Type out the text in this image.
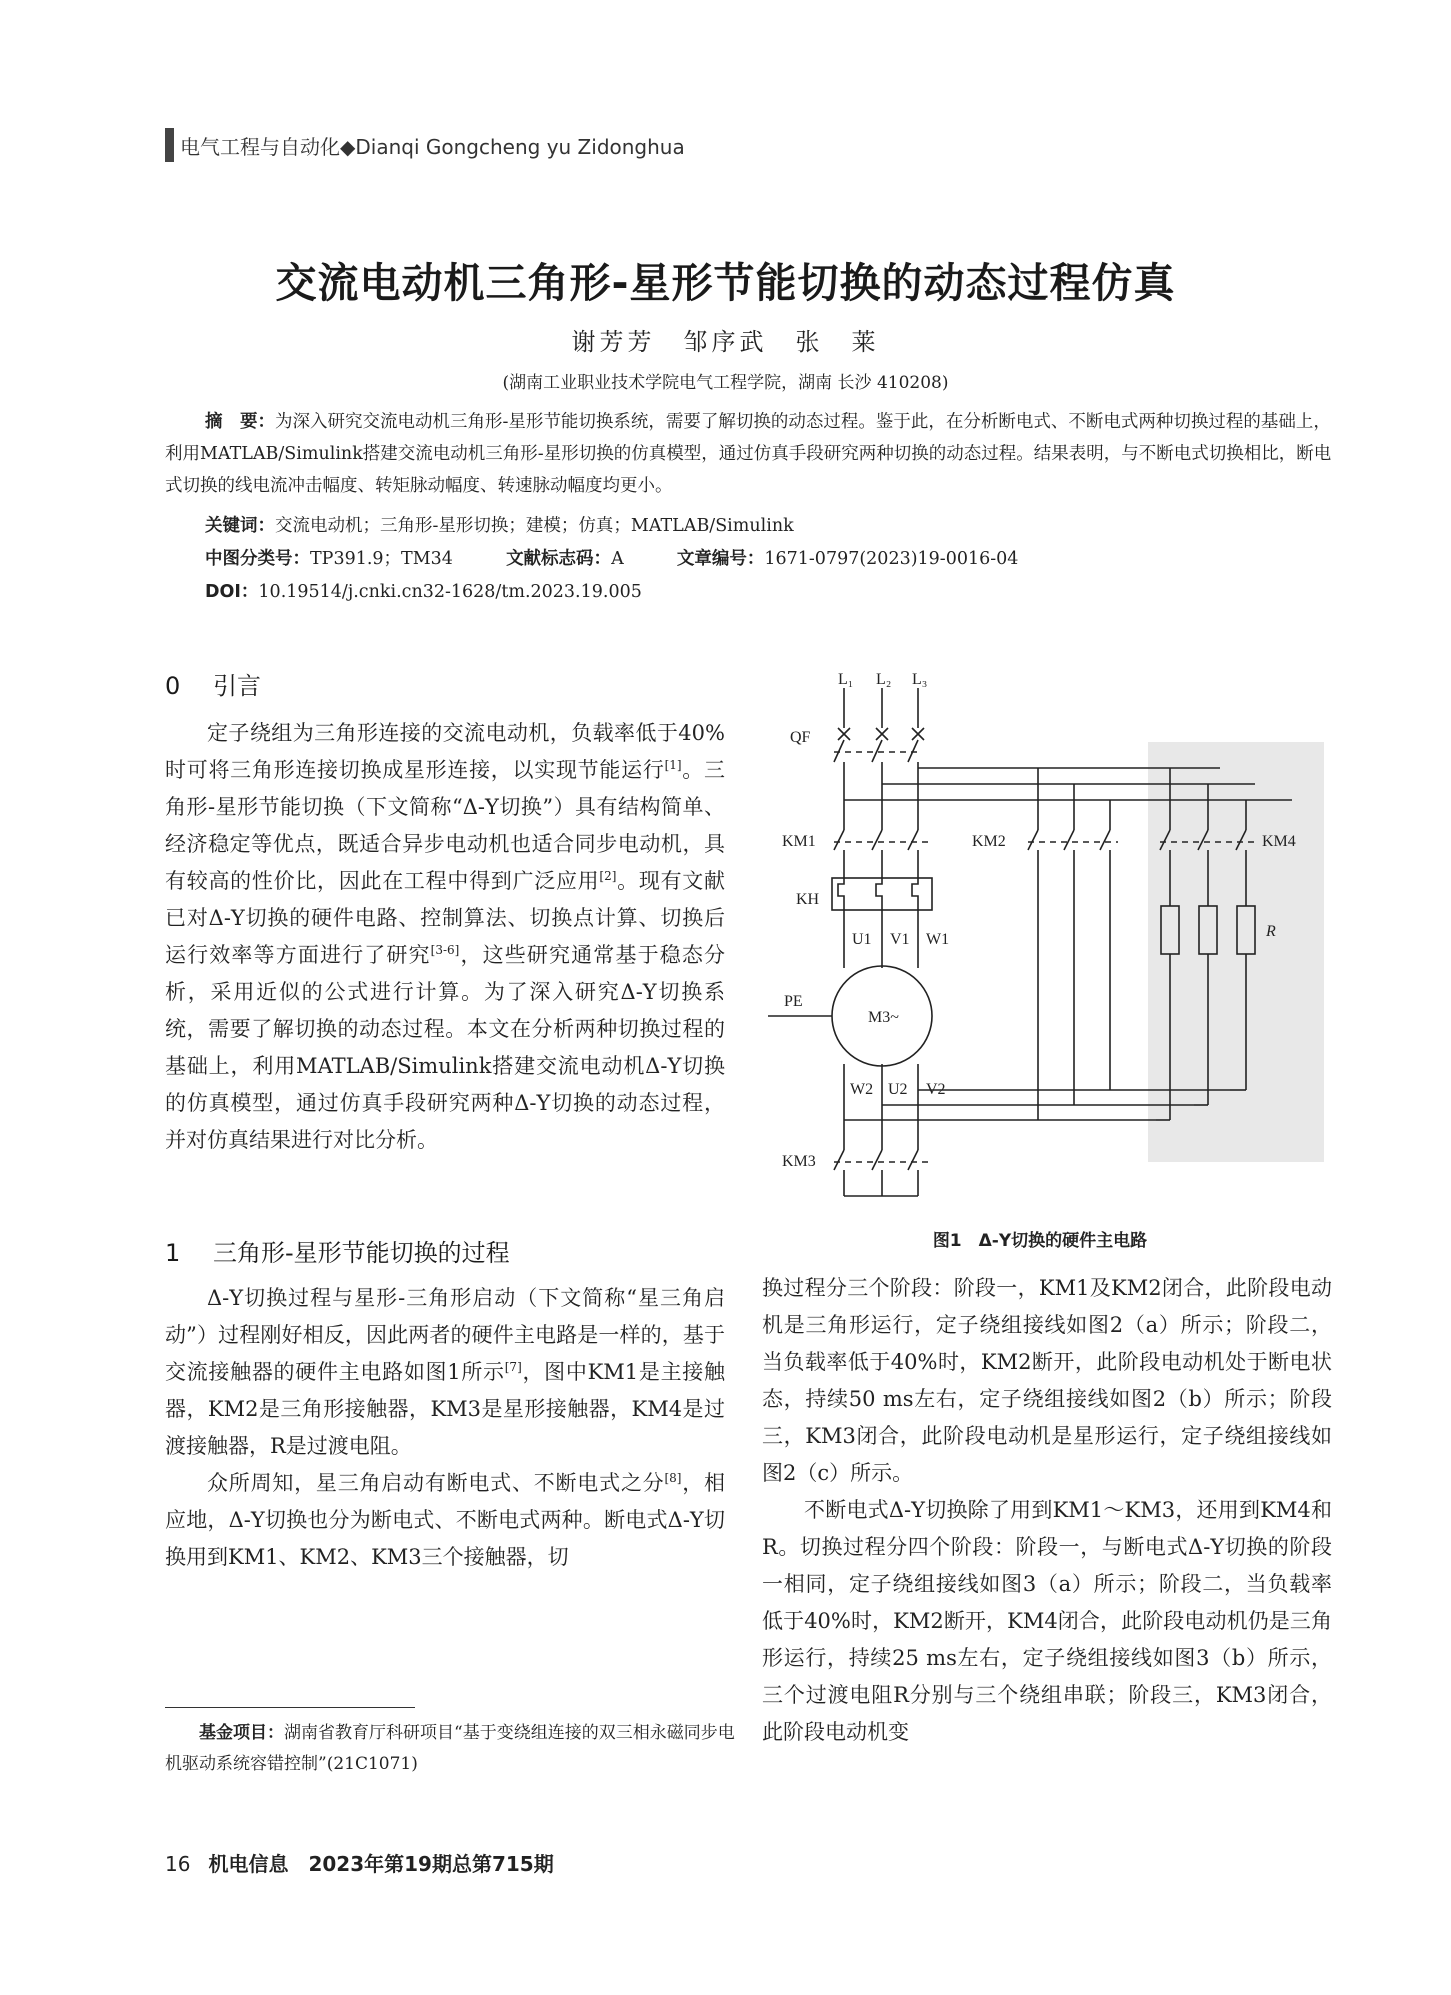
电气工程与自动化◆Dianqi Gongcheng yu Zidonghua
交流电动机三角形-星形节能切换的动态过程仿真
谢芳芳　邹序武　张　莱
(湖南工业职业技术学院电气工程学院，湖南 长沙 410208)
摘　要：为深入研究交流电动机三角形-星形节能切换系统，需要了解切换的动态过程。鉴于此，在分析断电式、不断电式两种切换过程的基础上，利用MATLAB/Simulink搭建交流电动机三角形-星形切换的仿真模型，通过仿真手段研究两种切换的动态过程。结果表明，与不断电式切换相比，断电式切换的线电流冲击幅度、转矩脉动幅度、转速脉动幅度均更小。
关键词：交流电动机；三角形-星形切换；建模；仿真；MATLAB/Simulink
中图分类号：TP391.9；TM34	文献标志码：A	文章编号：1671-0797(2023)19-0016-04
DOI：10.19514/j.cnki.cn32-1628/tm.2023.19.005
0 引言

定子绕组为三角形连接的交流电动机，负载率低于40%时可将三角形连接切换成星形连接，以实现节能运行[1]。三角形-星形节能切换（下文简称“Δ-Y切换”）具有结构简单、经济稳定等优点，既适合异步电动机也适合同步电动机，具有较高的性价比，因此在工程中得到广泛应用[2]。现有文献已对Δ-Y切换的硬件电路、控制算法、切换点计算、切换后运行效率等方面进行了研究[3-6]，这些研究通常基于稳态分析，采用近似的公式进行计算。为了深入研究Δ-Y切换系统，需要了解切换的动态过程。本文在分析两种切换过程的基础上，利用MATLAB/Simulink搭建交流电动机Δ-Y切换的仿真模型，通过仿真手段研究两种Δ-Y切换的动态过程，并对仿真结果进行对比分析。

1 三角形-星形节能切换的过程

Δ-Y切换过程与星形-三角形启动（下文简称“星三角启动”）过程刚好相反，因此两者的硬件主电路是一样的，基于交流接触器的硬件主电路如图1所示[7]，图中KM1是主接触器，KM2是三角形接触器，KM3是星形接触器，KM4是过渡接触器，R是过渡电阻。

众所周知，星三角启动有断电式、不断电式之分[8]，相应地，Δ-Y切换也分为断电式、不断电式两种。断电式Δ-Y切换用到KM1、KM2、KM3三个接触器，切

换过程分三个阶段：阶段一，KM1及KM2闭合，此阶段电动机是三角形运行，定子绕组接线如图2（a）所示；阶段二，当负载率低于40%时，KM2断开，此阶段电动机处于断电状态，持续50 ms左右，定子绕组接线如图2（b）所示；阶段三，KM3闭合，此阶段电动机是星形运行，定子绕组接线如图2（c）所示。

不断电式Δ-Y切换除了用到KM1～KM3，还用到KM4和R。切换过程分四个阶段：阶段一，与断电式Δ-Y切换的阶段一相同，定子绕组接线如图3（a）所示；阶段二，当负载率低于40%时，KM2断开，KM4闭合，此阶段电动机仍是三角形运行，持续25 ms左右，定子绕组接线如图3（b）所示，三个过渡电阻R分别与三个绕组串联；阶段三，KM3闭合，此阶段电动机变

L₁ L₂ L₃
QF
KM1	KM2	KM4
KH
U1 V1 W1
PE
M3~
W2 U2 V2
R
KM3
图1　Δ-Y切换的硬件主电路
基金项目：湖南省教育厅科研项目“基于变绕组连接的双三相永磁同步电机驱动系统容错控制”(21C1071)
16 机电信息　2023年第19期总第715期
